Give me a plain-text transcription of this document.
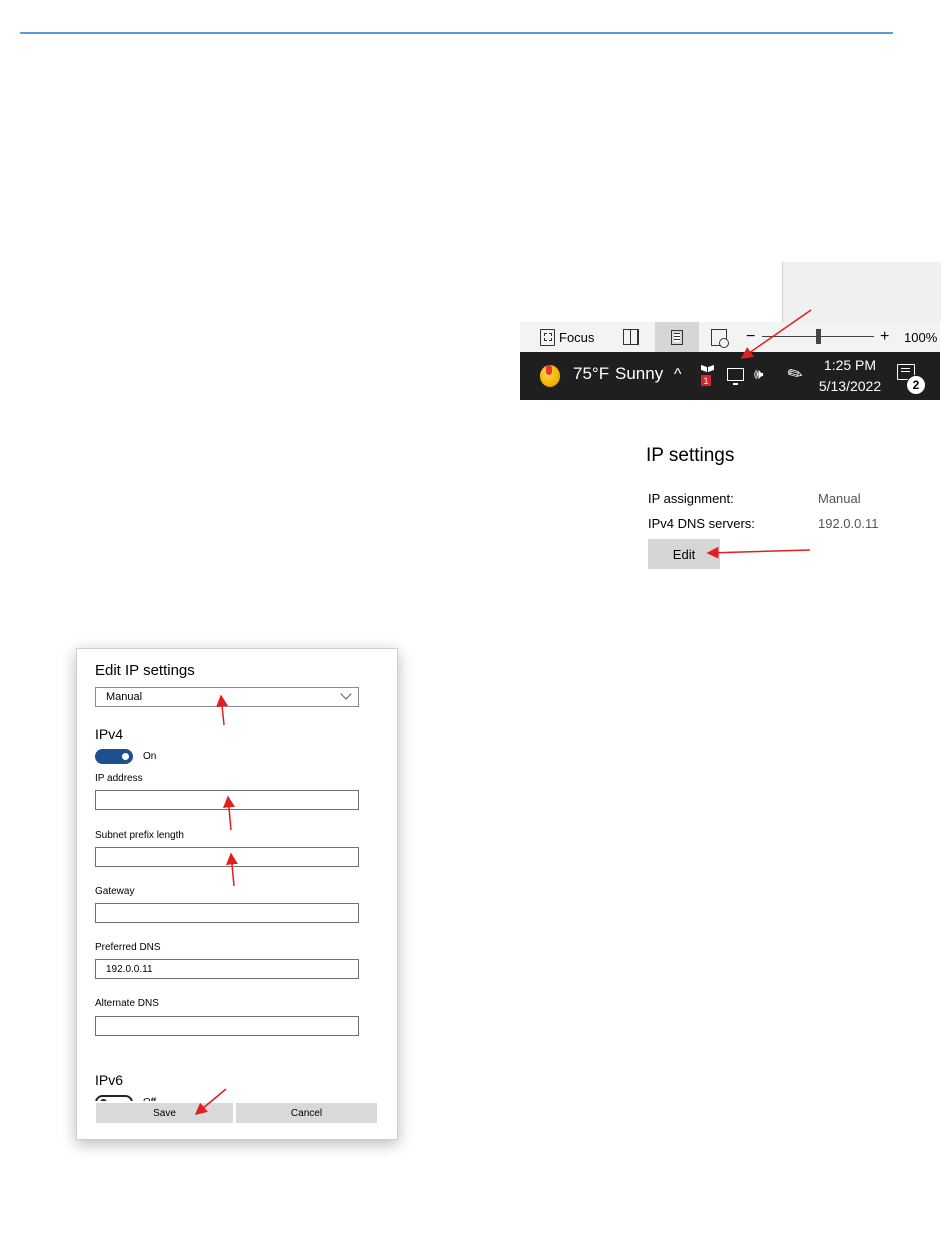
Focus	−	+ 100%
75°F Sunny ^ 1	🕪 ✎ 1:25 PM
5/13/2022	2
IP settings
IP assignment:	Manual
IPv4 DNS servers:	192.0.0.11
Edit
Edit IP settings
Manual
IPv4
On
IP address
Subnet prefix length
Gateway
Preferred DNS
192.0.0.11
Alternate DNS
IPv6
Save	Cancel
